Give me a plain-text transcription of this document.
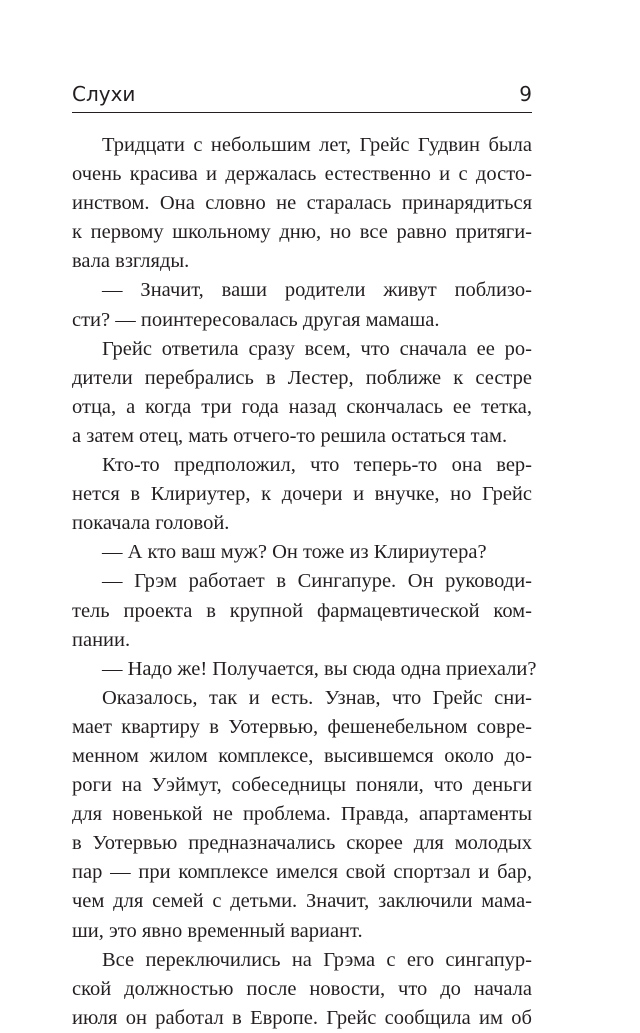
Слухи	9
Тридцати с небольшим лет, Грейс Гудвин была
очень красива и держалась естественно и с досто-
инством. Она словно не старалась принарядиться
к первому школьному дню, но все равно притяги-
вала взгляды.
— Значит, ваши родители живут поблизо-
сти? — поинтересовалась другая мамаша.
Грейс ответила сразу всем, что сначала ее ро-
дители перебрались в Лестер, поближе к сестре
отца, а когда три года назад скончалась ее тетка,
а затем отец, мать отчего-то решила остаться там.
Кто-то предположил, что теперь-то она вер-
нется в Клириутер, к дочери и внучке, но Грейс
покачала головой.
— А кто ваш муж? Он тоже из Клириутера?
— Грэм работает в Сингапуре. Он руководи-
тель проекта в крупной фармацевтической ком-
пании.
— Надо же! Получается, вы сюда одна приехали?
Оказалось, так и есть. Узнав, что Грейс сни-
мает квартиру в Уотервью, фешенебельном совре-
менном жилом комплексе, высившемся около до-
роги на Уэймут, собеседницы поняли, что деньги
для новенькой не проблема. Правда, апартаменты
в Уотервью предназначались скорее для молодых
пар — при комплексе имелся свой спортзал и бар,
чем для семей с детьми. Значит, заключили мама-
ши, это явно временный вариант.
Все переключились на Грэма с его сингапур-
ской должностью после новости, что до начала
июля он работал в Европе. Грейс сообщила им об
